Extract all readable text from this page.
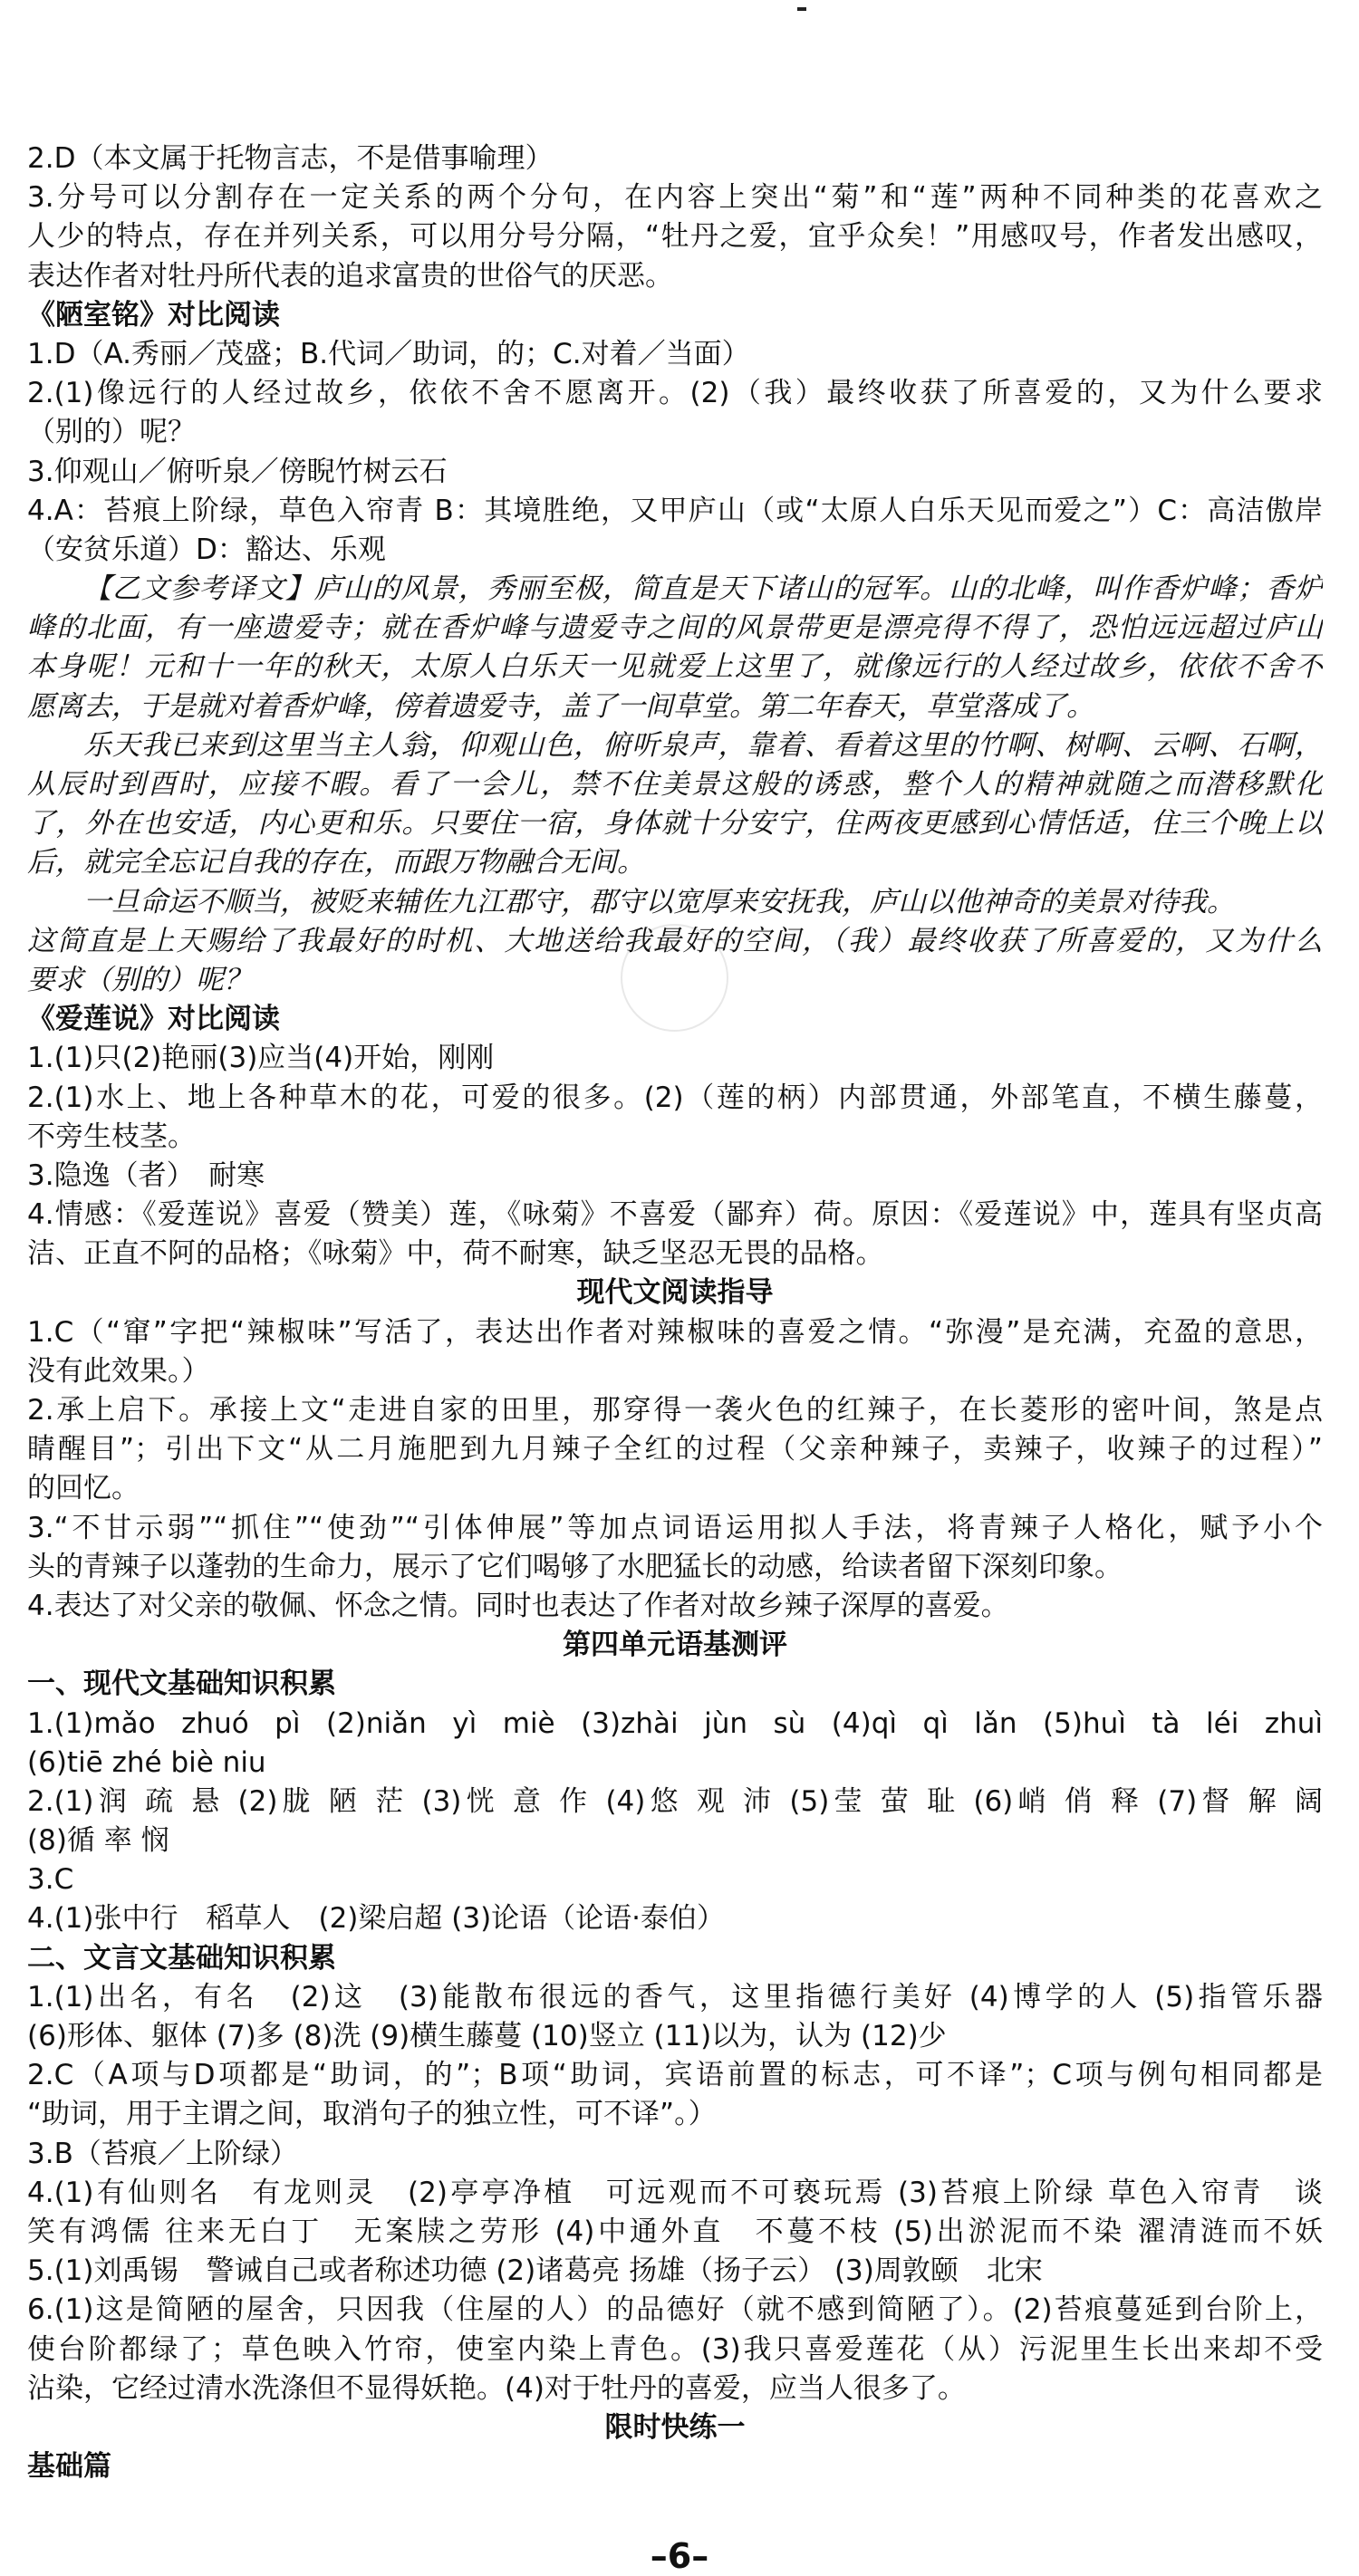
2.D（本文属于托物言志，不是借事喻理）
3.分号可以分割存在一定关系的两个分句，在内容上突出“菊”和“莲”两种不同种类的花喜欢之
人少的特点，存在并列关系，可以用分号分隔，“牡丹之爱，宜乎众矣！”用感叹号，作者发出感叹，
表达作者对牡丹所代表的追求富贵的世俗气的厌恶。
《陋室铭》对比阅读
1.D（A.秀丽／茂盛；B.代词／助词，的；C.对着／当面）
2.(1)像远行的人经过故乡，依依不舍不愿离开。(2)（我）最终收获了所喜爱的，又为什么要求
（别的）呢？
3.仰观山／俯听泉／傍睨竹树云石
4.A：苔痕上阶绿，草色入帘青 B：其境胜绝，又甲庐山（或“太原人白乐天见而爱之”）C：高洁傲岸
（安贫乐道）D：豁达、乐观
【乙文参考译文】庐山的风景，秀丽至极，简直是天下诸山的冠军。山的北峰，叫作香炉峰；香炉
峰的北面，有一座遗爱寺；就在香炉峰与遗爱寺之间的风景带更是漂亮得不得了，恐怕远远超过庐山
本身呢！元和十一年的秋天，太原人白乐天一见就爱上这里了，就像远行的人经过故乡，依依不舍不
愿离去，于是就对着香炉峰，傍着遗爱寺，盖了一间草堂。第二年春天，草堂落成了。
乐天我已来到这里当主人翁，仰观山色，俯听泉声，靠着、看着这里的竹啊、树啊、云啊、石啊，
从辰时到酉时，应接不暇。看了一会儿，禁不住美景这般的诱惑，整个人的精神就随之而潜移默化
了，外在也安适，内心更和乐。只要住一宿，身体就十分安宁，住两夜更感到心情恬适，住三个晚上以
后，就完全忘记自我的存在，而跟万物融合无间。
一旦命运不顺当，被贬来辅佐九江郡守，郡守以宽厚来安抚我，庐山以他神奇的美景对待我。
这简直是上天赐给了我最好的时机、大地送给我最好的空间，（我）最终收获了所喜爱的，又为什么
要求（别的）呢？
《爱莲说》对比阅读
1.(1)只(2)艳丽(3)应当(4)开始，刚刚
2.(1)水上、地上各种草木的花，可爱的很多。(2)（莲的柄）内部贯通，外部笔直，不横生藤蔓，
不旁生枝茎。
3.隐逸（者）　耐寒
4.情感：《爱莲说》喜爱（赞美）莲，《咏菊》不喜爱（鄙弃）荷。原因：《爱莲说》中，莲具有坚贞高
洁、正直不阿的品格；《咏菊》中，荷不耐寒，缺乏坚忍无畏的品格。
现代文阅读指导
1.C（“窜”字把“辣椒味”写活了，表达出作者对辣椒味的喜爱之情。“弥漫”是充满，充盈的意思，
没有此效果。）
2.承上启下。承接上文“走进自家的田里，那穿得一袭火色的红辣子，在长菱形的密叶间，煞是点
睛醒目”；引出下文“从二月施肥到九月辣子全红的过程（父亲种辣子，卖辣子，收辣子的过程）”
的回忆。
3.“不甘示弱”“抓住”“使劲”“引体伸展”等加点词语运用拟人手法，将青辣子人格化，赋予小个
头的青辣子以蓬勃的生命力，展示了它们喝够了水肥猛长的动感，给读者留下深刻印象。
4.表达了对父亲的敬佩、怀念之情。同时也表达了作者对故乡辣子深厚的喜爱。
第四单元语基测评
一、现代文基础知识积累
1.(1)mǎo zhuó pì (2)niǎn yì miè (3)zhài jùn sù (4)qì qì lǎn (5)huì tà léi zhuì
(6)tiē zhé biè niu
2.(1)润 疏 悬 (2)胧 陋 茫 (3)恍 意 作 (4)悠 观 沛 (5)莹 萤 耻 (6)峭 俏 释 (7)督 解 阔
(8)循 率 悯
3.C
4.(1)张中行　稻草人　(2)梁启超 (3)论语（论语·泰伯）
二、文言文基础知识积累
1.(1)出名，有名　(2)这　(3)能散布很远的香气，这里指德行美好 (4)博学的人 (5)指管乐器
(6)形体、躯体 (7)多 (8)洗 (9)横生藤蔓 (10)竖立 (11)以为，认为 (12)少
2.C（A项与D项都是“助词，的”；B项“助词，宾语前置的标志，可不译”；C项与例句相同都是
“助词，用于主谓之间，取消句子的独立性，可不译”。）
3.B（苔痕／上阶绿）
4.(1)有仙则名　有龙则灵　(2)亭亭净植　可远观而不可亵玩焉 (3)苔痕上阶绿 草色入帘青　谈
笑有鸿儒 往来无白丁　无案牍之劳形 (4)中通外直　不蔓不枝 (5)出淤泥而不染 濯清涟而不妖
5.(1)刘禹锡　警诫自己或者称述功德 (2)诸葛亮 扬雄（扬子云） (3)周敦颐　北宋
6.(1)这是简陋的屋舍，只因我（住屋的人）的品德好（就不感到简陋了）。(2)苔痕蔓延到台阶上，
使台阶都绿了；草色映入竹帘，使室内染上青色。(3)我只喜爱莲花（从）污泥里生长出来却不受
沾染，它经过清水洗涤但不显得妖艳。(4)对于牡丹的喜爱，应当人很多了。
限时快练一
基础篇
–6–
